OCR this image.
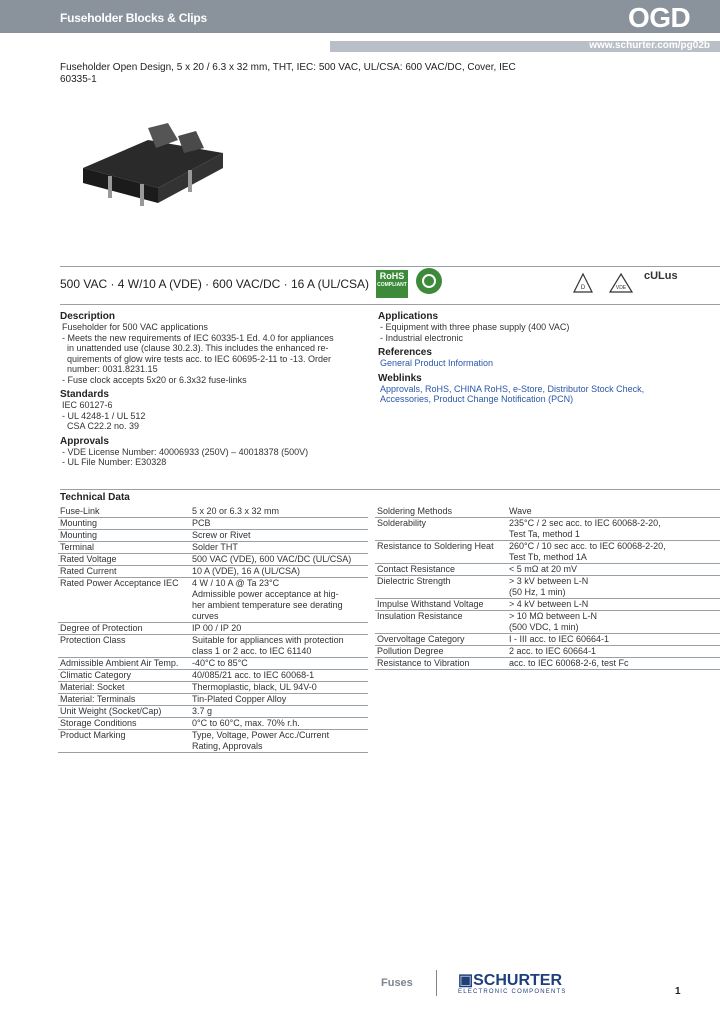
Fuseholder Blocks & Clips	OGD
www.schurter.com/pg02b
Fuseholder Open Design, 5 x 20 / 6.3 x 32 mm, THT, IEC: 500 VAC, UL/CSA: 600 VAC/DC, Cover, IEC 60335-1
500 VAC · 4 W/10 A (VDE) · 600 VAC/DC · 16 A (UL/CSA)
RoHS
COMPLIANT	D	VDE
cULus
Description
Fuseholder for 500 VAC applications
- Meets the new requirements of IEC 60335-1 Ed. 4.0 for appliances
in unattended use (clause 30.2.3). This includes the enhanced re-
quirements of glow wire tests acc. to IEC 60695-2-11 to -13. Order
number: 0031.8231.15
- Fuse clock accepts 5x20 or 6.3x32 fuse-links
Standards
IEC 60127-6
- UL 4248-1 / UL 512
CSA C22.2 no. 39
Approvals
- VDE License Number: 40006933 (250V) – 40018378 (500V)
- UL File Number: E30328
Applications
- Equipment with three phase supply (400 VAC)
- Industrial electronic
References
General Product Information
Weblinks
Approvals, RoHS, CHINA RoHS, e-Store, Distributor Stock Check,
Accessories, Product Change Notification (PCN)
Technical Data
Fuse-Link	5 x 20 or 6.3 x 32 mm

Mounting	PCB

Mounting	Screw or Rivet

Terminal	Solder THT

Rated Voltage	500 VAC (VDE), 600 VAC/DC (UL/CSA)

Rated Current	10 A (VDE), 16 A (UL/CSA)

Rated Power Acceptance IEC	4 W / 10 A @ Ta 23°C
Admissible power acceptance at hig-
her ambient temperature see derating
curves

Degree of Protection	IP 00 / IP 20

Protection Class	Suitable for appliances with protection
class 1 or 2 acc. to IEC 61140

Admissible Ambient Air Temp.	-40°C to 85°C

Climatic Category	40/085/21 acc. to IEC 60068-1

Material: Socket	Thermoplastic, black, UL 94V-0

Material: Terminals	Tin-Plated Copper Alloy

Unit Weight (Socket/Cap)	3.7 g

Storage Conditions	0°C to 60°C, max. 70% r.h.

Product Marking	Type, Voltage, Power Acc./Current
Rating, Approvals
Soldering Methods	Wave

Solderability	235°C / 2 sec acc. to IEC 60068-2-20,
Test Ta, method 1

Resistance to Soldering Heat	260°C / 10 sec acc. to IEC 60068-2-20,
Test Tb, method 1A

Contact Resistance	< 5 mΩ at 20 mV

Dielectric Strength	> 3 kV between L-N
(50 Hz, 1 min)

Impulse Withstand Voltage	> 4 kV between L-N

Insulation Resistance	> 10 MΩ between L-N
(500 VDC, 1 min)

Overvoltage Category	I - III acc. to IEC 60664-1

Pollution Degree	2 acc. to IEC 60664-1

Resistance to Vibration	acc. to IEC 60068-2-6, test Fc
Fuses	▣SCHURTER
ELECTRONIC COMPONENTS	1
